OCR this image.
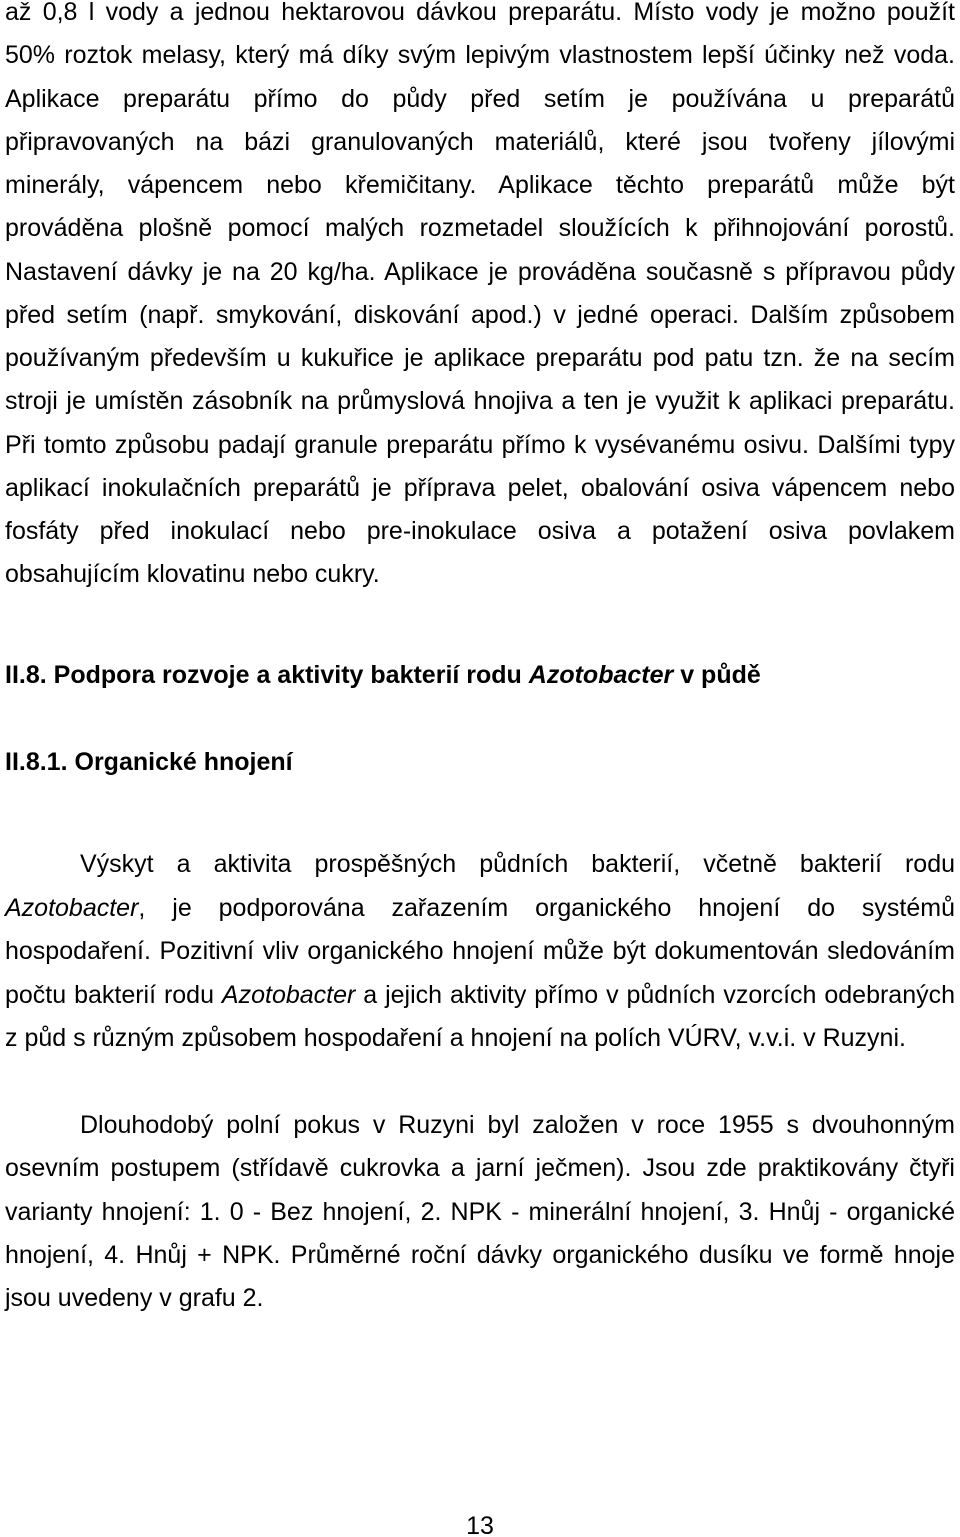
až 0,8 l vody a jednou hektarovou dávkou preparátu. Místo vody je možno použít
50% roztok melasy, který má díky svým lepivým vlastnostem lepší účinky než voda.
Aplikace preparátu přímo do půdy před setím je používána u preparátů
připravovaných na bázi granulovaných materiálů, které jsou tvořeny jílovými
minerály, vápencem nebo křemičitany. Aplikace těchto preparátů může být
prováděna plošně pomocí malých rozmetadel sloužících k přihnojování porostů.
Nastavení dávky je na 20 kg/ha. Aplikace je prováděna současně s přípravou půdy
před setím (např. smykování, diskování apod.) v jedné operaci. Dalším způsobem
používaným především u kukuřice je aplikace preparátu pod patu tzn. že na secím
stroji je umístěn zásobník na průmyslová hnojiva a ten je využit k aplikaci preparátu.
Při tomto způsobu padají granule preparátu přímo k vysévanému osivu. Dalšími typy
aplikací inokulačních preparátů je příprava pelet, obalování osiva vápencem nebo
fosfáty před inokulací nebo pre-inokulace osiva a potažení osiva povlakem
obsahujícím klovatinu nebo cukry.
II.8. Podpora rozvoje a aktivity bakterií rodu Azotobacter v půdě
II.8.1. Organické hnojení
Výskyt a aktivita prospěšných půdních bakterií, včetně bakterií rodu
Azotobacter, je podporována zařazením organického hnojení do systémů
hospodaření. Pozitivní vliv organického hnojení může být dokumentován sledováním
počtu bakterií rodu Azotobacter a jejich aktivity přímo v půdních vzorcích odebraných
z půd s různým způsobem hospodaření a hnojení na polích VÚRV, v.v.i. v Ruzyni.
Dlouhodobý polní pokus v Ruzyni byl založen v roce 1955 s dvouhonným
osevním postupem (střídavě cukrovka a jarní ječmen). Jsou zde praktikovány čtyři
varianty hnojení: 1. 0 - Bez hnojení, 2. NPK - minerální hnojení, 3. Hnůj - organické
hnojení, 4. Hnůj + NPK. Průměrné roční dávky organického dusíku ve formě hnoje
jsou uvedeny v grafu 2.
13
